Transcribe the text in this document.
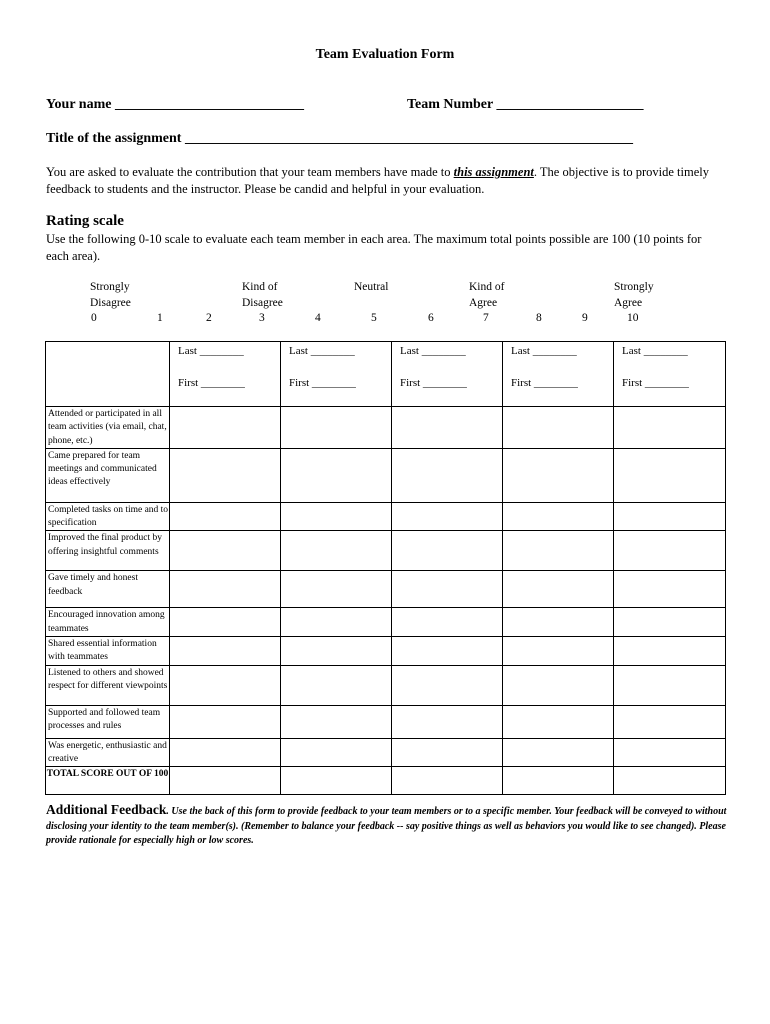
Team Evaluation Form
Your name ___________________________	Team Number _____________________
Title of the assignment ________________________________________________________________
You are asked to evaluate the contribution that your team members have made to this assignment. The objective is to provide timely feedback to students and the instructor. Please be candid and helpful in your evaluation.
Rating scale
Use the following 0-10 scale to evaluate each team member in each area. The maximum total points possible are 100 (10 points for each area).
Strongly
Disagree
Kind of
Disagree
Neutral	Kind of
Agree
Strongly
Agree
0	1	2	3	4	5	6	7	8	9	10
	Last ________	Last ________	Last ________	Last ________	Last ________
	First ________	First ________	First ________	First ________	First ________
Attended or participated in all team activities (via email, chat, phone, etc.)					
Came prepared for team meetings and communicated ideas effectively					
Completed tasks on time and to specification					
Improved the final product by offering insightful comments					
Gave timely and honest feedback					
Encouraged innovation among teammates					
Shared essential information with teammates					
Listened to others and showed respect for different viewpoints					
Supported and followed team processes and rules					
Was energetic, enthusiastic and creative					
TOTAL SCORE OUT OF 100					
Additional Feedback. Use the back of this form to provide feedback to your team members or to a specific member. Your feedback will be conveyed to without disclosing your identity to the team member(s). (Remember to balance your feedback -- say positive things as well as behaviors you would like to see changed). Please provide rationale for especially high or low scores.
